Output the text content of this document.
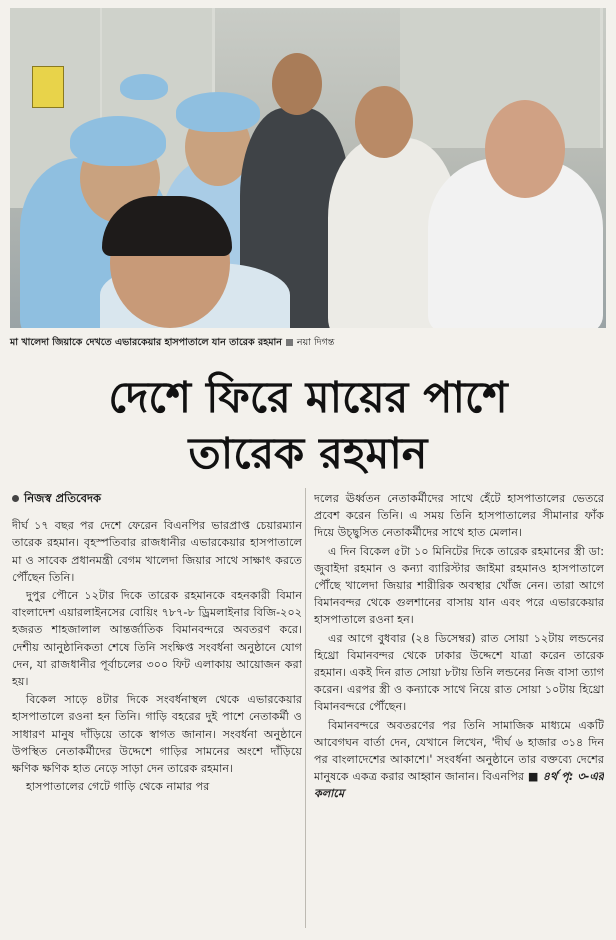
মা খালেদা জিয়াকে দেখতে এভারকেয়ার হাসপাতালে যান তারেক রহমান নয়া দিগন্ত
দেশে ফিরে মায়ের পাশে
তারেক রহমান
নিজস্ব প্রতিবেদক

দীর্ঘ ১৭ বছর পর দেশে ফেরেন বিএনপির ভারপ্রাপ্ত চেয়ারম্যান তারেক রহমান। বৃহস্পতিবার রাজধানীর এভারকেয়ার হাসপাতালে মা ও সাবেক প্রধানমন্ত্রী বেগম খালেদা জিয়ার সাথে সাক্ষাৎ করতে পৌঁছেন তিনি।

দুপুর পৌনে ১২টার দিকে তারেক রহমানকে বহনকারী বিমান বাংলাদেশ এয়ারলাইনসের বোয়িং ৭৮৭-৮ ড্রিমলাইনার বিজি-২০২ হজরত শাহজালাল আন্তর্জাতিক বিমানবন্দরে অবতরণ করে। দেশীয় আনুষ্ঠানিকতা শেষে তিনি সংক্ষিপ্ত সংবর্ধনা অনুষ্ঠানে যোগ দেন, যা রাজধানীর পূর্বাচলের ৩০০ ফিট এলাকায় আয়োজন করা হয়।

বিকেল সাড়ে ৪টার দিকে সংবর্ধনাস্থল থেকে এভারকেয়ার হাসপাতালে রওনা হন তিনি। গাড়ি বহরের দুই পাশে নেতাকর্মী ও সাধারণ মানুষ দাঁড়িয়ে তাকে স্বাগত জানান। সংবর্ধনা অনুষ্ঠানে উপস্থিত নেতাকর্মীদের উদ্দেশে গাড়ির সামনের অংশে দাঁড়িয়ে ক্ষণিক ক্ষণিক হাত নেড়ে সাড়া দেন তারেক রহমান।

হাসপাতালের গেটে গাড়ি থেকে নামার পর

দলের ঊর্ধ্বতন নেতাকর্মীদের সাথে হেঁটে হাসপাতালের ভেতরে প্রবেশ করেন তিনি। এ সময় তিনি হাসপাতালের সীমানার ফাঁক দিয়ে উচ্ছ্বসিত নেতাকর্মীদের সাথে হাত মেলান।

এ দিন বিকেল ৫টা ১০ মিনিটের দিকে তারেক রহমানের স্ত্রী ডা: জুবাইদা রহমান ও কন্যা ব্যারিস্টার জাইমা রহমানও হাসপাতালে পৌঁছে খালেদা জিয়ার শারীরিক অবস্থার খোঁজ নেন। তারা আগে বিমানবন্দর থেকে গুলশানের বাসায় যান এবং পরে এভারকেয়ার হাসপাতালে রওনা হন।

এর আগে বুধবার (২৪ ডিসেম্বর) রাত সোয়া ১২টায় লন্ডনের হিথ্রো বিমানবন্দর থেকে ঢাকার উদ্দেশে যাত্রা করেন তারেক রহমান। একই দিন রাত সোয়া ৮টায় তিনি লন্ডনের নিজ বাসা ত্যাগ করেন। এরপর স্ত্রী ও কন্যাকে সাথে নিয়ে রাত সোয়া ১০টায় হিথ্রো বিমানবন্দরে পৌঁছেন।

বিমানবন্দরে অবতরণের পর তিনি সামাজিক মাধ্যমে একটি আবেগঘন বার্তা দেন, যেখানে লিখেন, 'দীর্ঘ ৬ হাজার ৩১৪ দিন পর বাংলাদেশের আকাশে।' সংবর্ধনা অনুষ্ঠানে তার বক্তব্যে দেশের মানুষকে একত্র করার আহ্বান জানান। বিএনপির ■ ৪র্থ পৃ: ৩-এর কলামে
